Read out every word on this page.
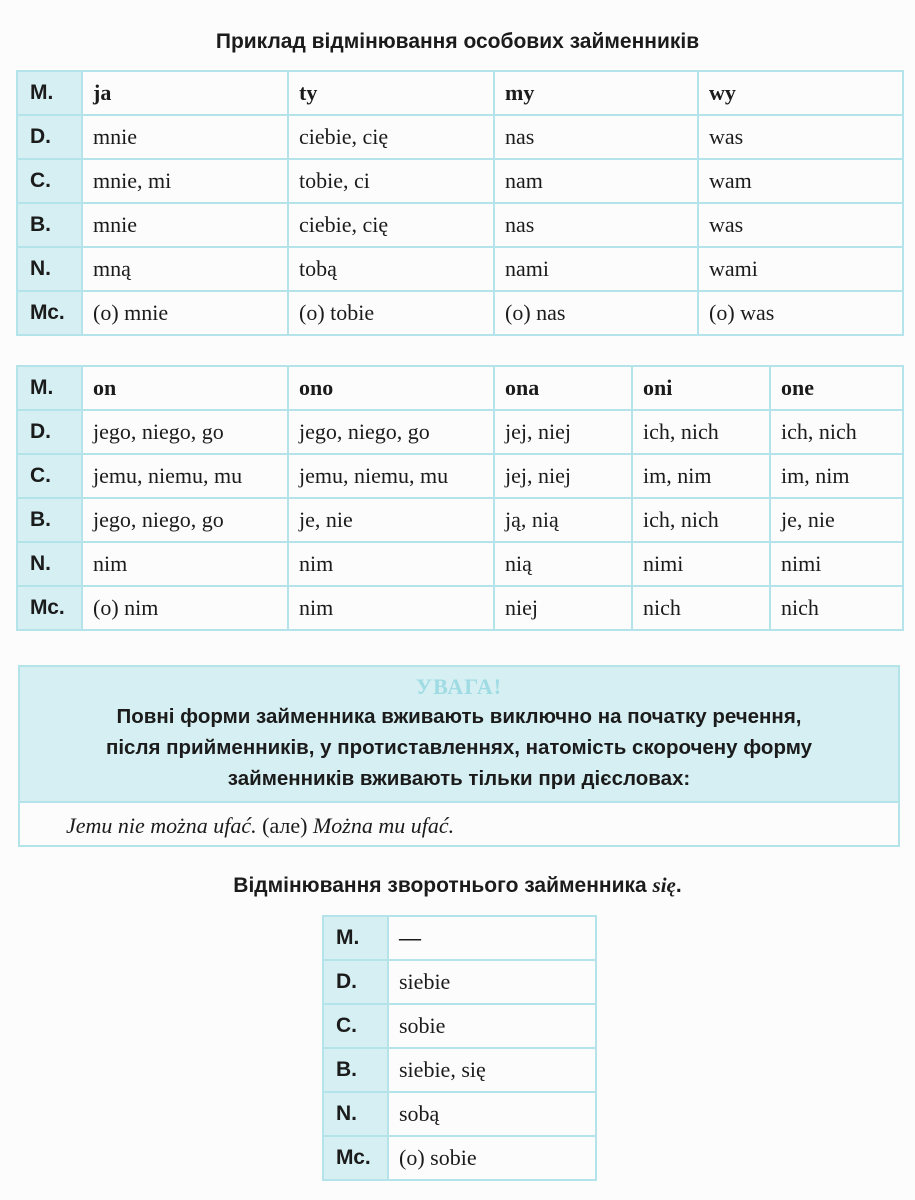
Приклад відмінювання особових займенників
М.	ja	ty	my	wy
D.	mnie	ciebie, cię	nas	was
C.	mnie, mi	tobie, ci	nam	wam
B.	mnie	ciebie, cię	nas	was
N.	mną	tobą	nami	wami
Мс.	(o) mnie	(o) tobie	(o) nas	(o) was
М.	on	ono	ona	oni	one
D.	jego, niego, go	jego, niego, go	jej, niej	ich, nich	ich, nich
C.	jemu, niemu, mu	jemu, niemu, mu	jej, niej	im, nim	im, nim
B.	jego, niego, go	je, nie	ją, nią	ich, nich	je, nie
N.	nim	nim	nią	nimi	nimi
Мс.	(o) nim	nim	niej	nich	nich
УВАГА!
Повні форми займенника вживають виключно на початку речення,
після прийменників, у протиставленнях, натомість скорочену форму
займенників вживають тільки при дієсловах:
Jemu nie można ufać. (але) Można mu ufać.
Відмінювання зворотнього займенника się.
М.	—
D.	siebie
C.	sobie
B.	siebie, się
N.	sobą
Мс.	(o) sobie
